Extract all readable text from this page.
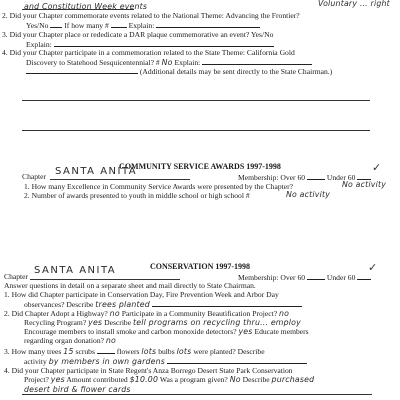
and Constitution Week events	Voluntary ... right
2. Did your Chapter commemorate events related to the National Theme: Advancing the Frontier?
Yes/No If how many #	Explain:
3. Did your Chapter place or rededicate a DAR plaque commemorative an event? Yes/No
Explain:
4. Did your Chapter participate in a commemoration related to the State Theme: California Gold
Discovery to Statehood Sesquicentennial? # No Explain:
(Additional details may be sent directly to the State Chairman.)
COMMUNITY SERVICE AWARDS 1997-1998
Chapter SANTA ANITA
Membership: Over 60	Under 60
✓
1. How many Excellence in Community Service Awards were presented by the Chapter?	No activity
2. Number of awards presented to youth in middle school or high school #	No activity
CONSERVATION 1997-1998
Chapter
SANTA ANITA
Membership: Over 60	Under 60
✓
Answer questions in detail on a separate sheet and mail directly to State Chairman.
1. How did Chapter participate in Conservation Day, Fire Prevention Week and Arbor Day
observances? Describe trees planted
2. Did Chapter Adopt a Highway? no Participate in a Community Beautification Project? no
Recycling Program? yes Describe tell programs on recycling thru... employ
Encourage members to install smoke and carbon monoxide detectors? yes Educate members
regarding organ donation? no
3. How many trees 15 scrubs	flowers lots bulbs lots were planted? Describe
activity by members in own gardens
4. Did your Chapter participate in State Regent's Anza Borrego Desert State Park Conservation
Project? yes Amount contributed $10.00 Was a program given? No Describe purchased
desert bird & flower cards
